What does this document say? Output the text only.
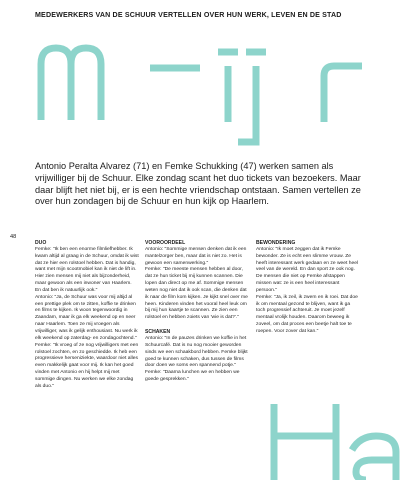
MEDEWERKERS VAN DE SCHUUR VERTELLEN OVER HUN WERK, LEVEN EN DE STAD
Antonio Peralta Alvarez (71) en Femke Schukking (47) werken samen als vrijwilliger bij de Schuur. Elke zondag scant het duo tickets van bezoekers. Maar daar blijft het niet bij, er is een hechte vriendschap ontstaan. Samen vertellen ze over hun zondagen bij de Schuur en hun kijk op Haarlem.
48
DUO

Femke: "Ik ben een enorme filmliefhebber. Ik kwam altijd al graag in de Schuur, omdat ik wist dat ze hier een rolstoel hebben. Dat is handig, want met mijn scootmobiel kan ik niet de lift in. Hier zien mensen mij niet als bijzonderheid, maar gewoon als een inwoner van Haarlem. En dat ben ik natuurlijk ook."

Antonio: "Ja, de Schuur was voor mij altijd al een prettige plek om te zitten, koffie te drinken en films te kijken. Ik woon tegenwoordig in Zaandam, maar ik ga elk weekend op en neer naar Haarlem. Toen ze mij vroegen als vrijwilliger, was ik gelijk enthousiast. Nu werk ik elk weekend op zaterdag- en zondagochtend."

Femke: "Ik vroeg of ze nog vrijwilligers met een rolstoel zochten, en zo geschiedde. Ik heb een progressieve herseniziekte, waardoor niet alles even makkelijk gaat voor mij. Ik kan het goed vinden met Antonio en hij helpt mij met sommige dingen. Nu werken we elke zondag als duo."

VOOROORDEEL

Antonio: "Sommige mensen denken dat ik een mantelzorger ben, maar dat is niet zo. Het is gewoon een samenwerking."

Femke: "De meeste mensen hebben al door, dat ze hun ticket bij mij kunnen scannen. Die lopen dan direct op me af. Sommige mensen weten nog niet dat ik ook scan, die denken dat ik naar de film kom kijken. Je kijkt snel over me heen. Kinderen vinden het vooral heel leuk om bij mij hun kaartje te scannen. Ze zien een rolstoel en hebben zoiets van 'wie is dat?'."

SCHAKEN

Antonio: "In de pauzes drinken we koffie in het Schuurcafé. Dat is nu nog mooier geworden sinds we een schaakbord hebben. Femke blijkt goed te kunnen schaken, dus tussen de films door doen we soms een spannend potje."

Femke: "Daarna lunchen we en hebben we goede gesprekken."

BEWONDERING

Antonio: "Ik moet zeggen dat ik Femke bewonder. Ze is echt een slimme vrouw. Ze heeft interessant werk gedaan en ze weet heel veel van de wereld. En dan sport ze ook nog. De mensen die niet op Femke afstappen missen wat: ze is een heel interessant persoon."

Femke: "Ja, ik zeil, ik zwem en ik roei. Dat doe ik om mentaal gezond te blijven, want ik ga toch progressief achteruit. Je moet jezelf mentaal vrolijk houden. Daarom beweeg ik zoveel, om dat proces een beetje halt toe te roepen. Voor zover dat kan."
